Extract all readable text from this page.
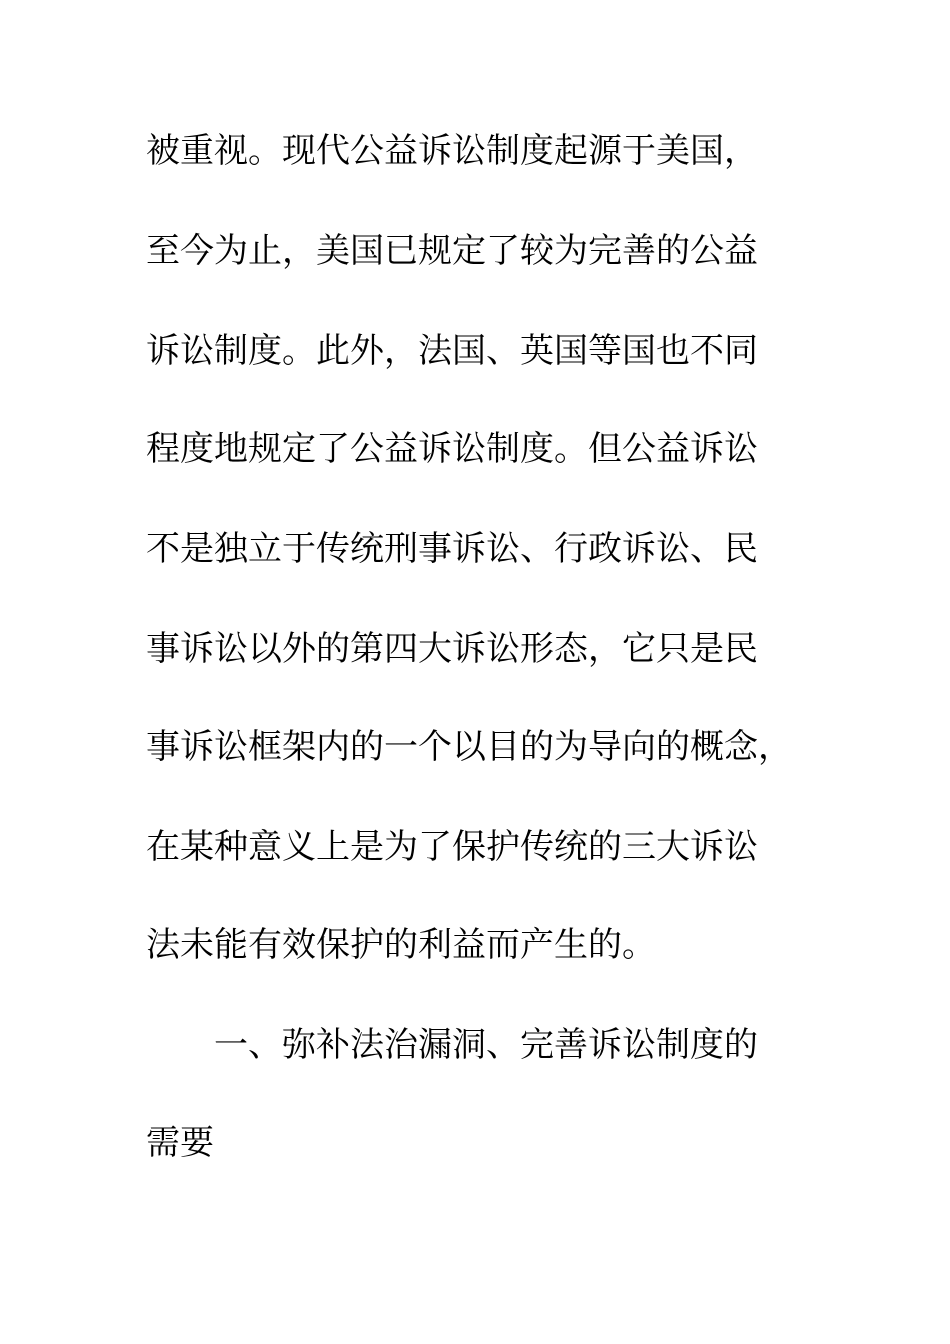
被重视。现代公益诉讼制度起源于美国，
至今为止，美国已规定了较为完善的公益
诉讼制度。此外，法国、英国等国也不同
程度地规定了公益诉讼制度。但公益诉讼
不是独立于传统刑事诉讼、行政诉讼、民
事诉讼以外的第四大诉讼形态，它只是民
事诉讼框架内的一个以目的为导向的概念，
在某种意义上是为了保护传统的三大诉讼
法未能有效保护的利益而产生的。
一、弥补法治漏洞、完善诉讼制度的
需要
